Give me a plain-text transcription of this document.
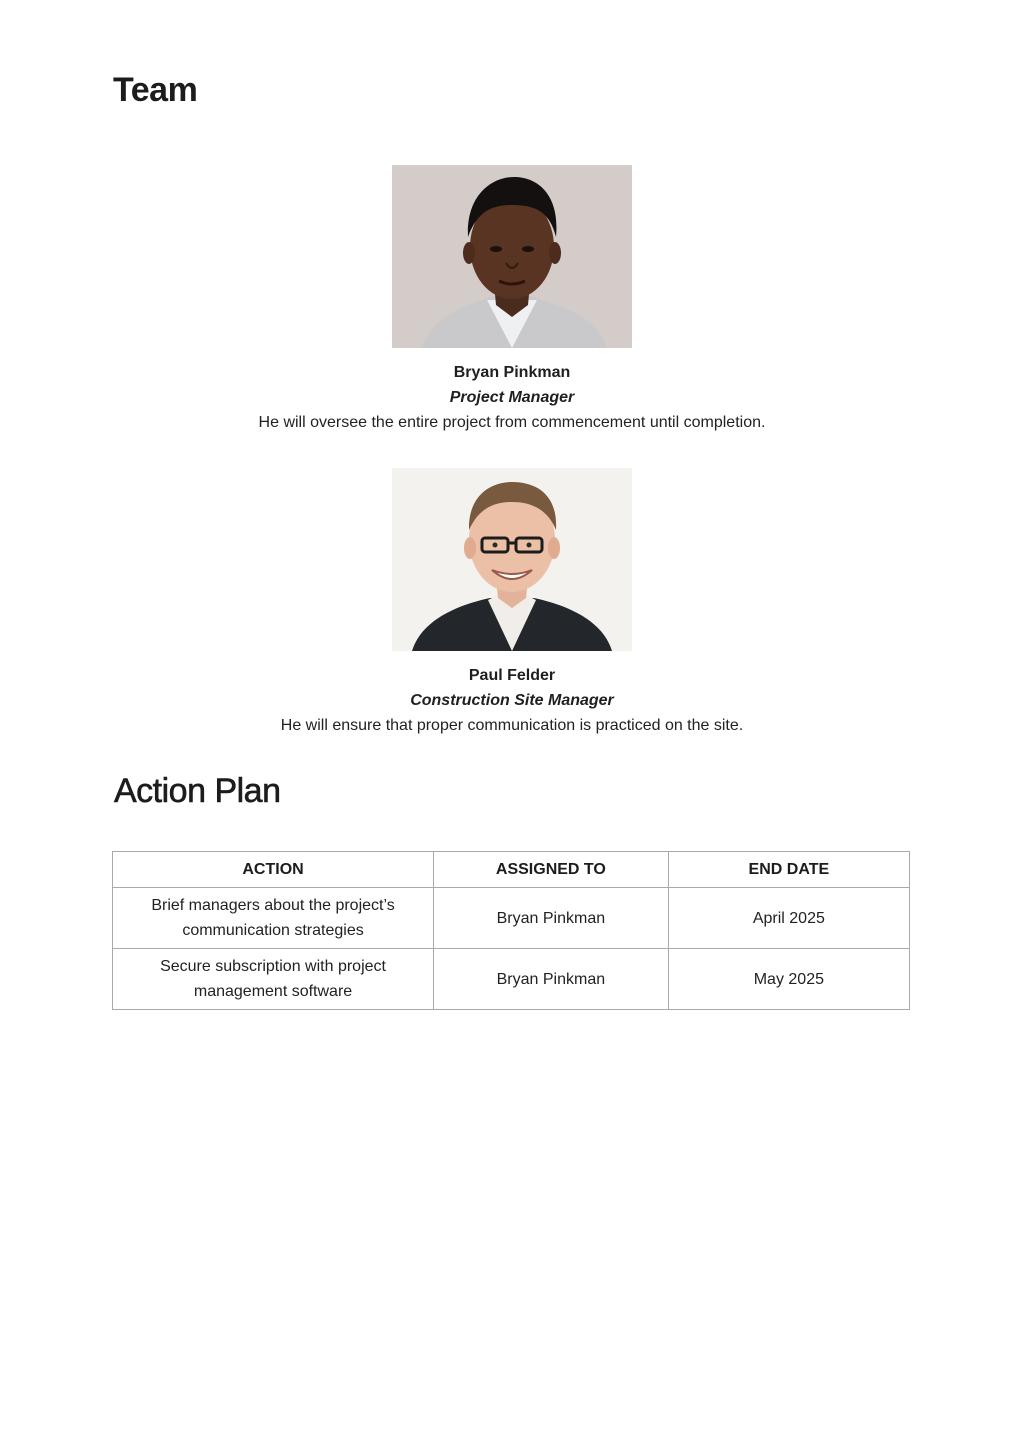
Team
Bryan Pinkman
Project Manager
He will oversee the entire project from commencement until completion.
Paul Felder
Construction Site Manager
He will ensure that proper communication is practiced on the site.
Action Plan
ACTION	ASSIGNED TO	END DATE
Brief managers about the project’s communication strategies	Bryan Pinkman	April 2025
Secure subscription with project management software	Bryan Pinkman	May 2025
